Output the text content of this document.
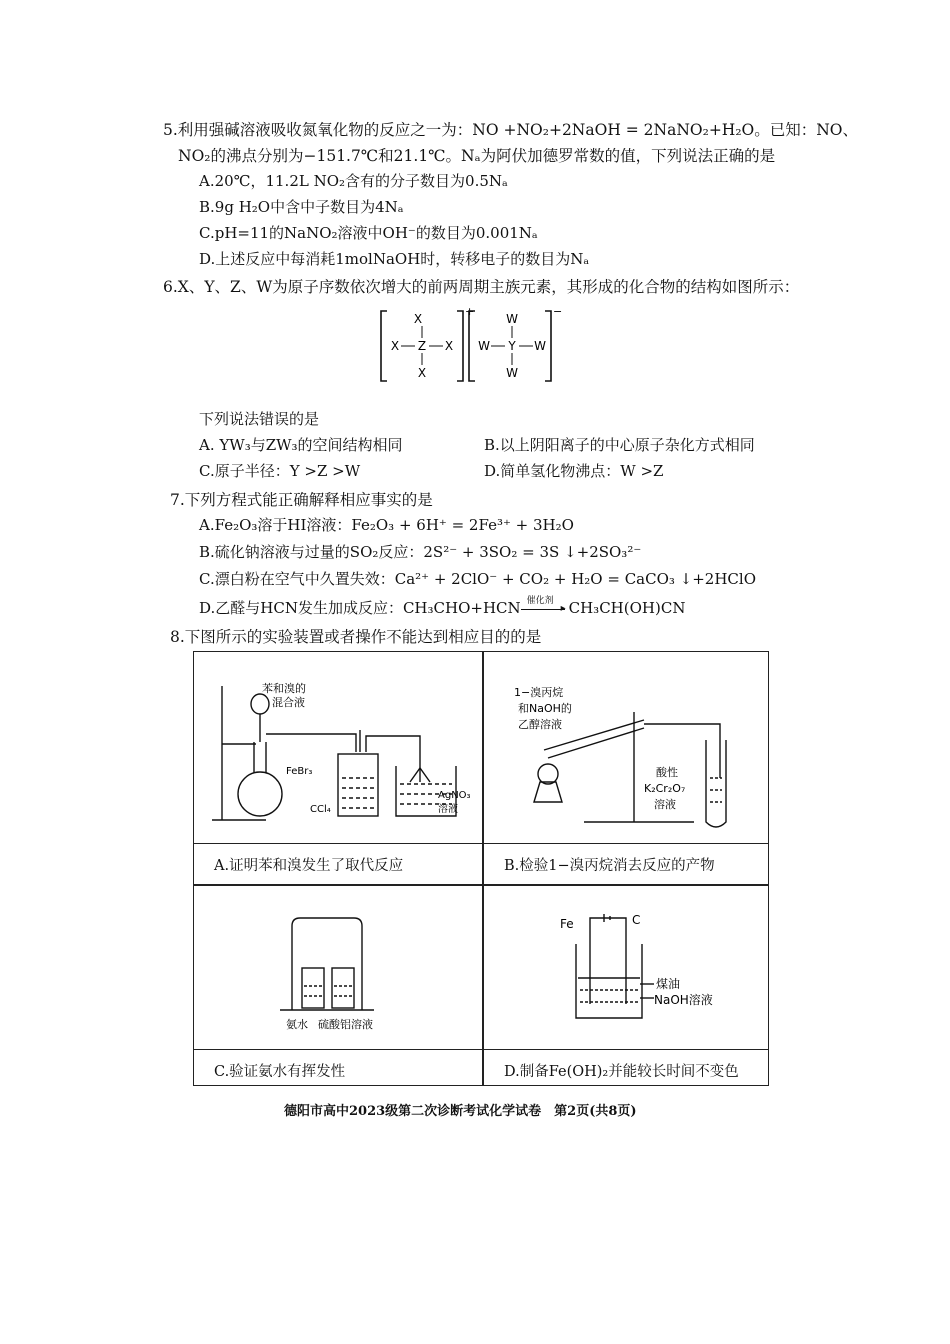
5.利用强碱溶液吸收氮氧化物的反应之一为：NO +NO₂+2NaOH = 2NaNO₂+H₂O。已知：NO、
NO₂的沸点分别为−151.7℃和21.1℃。Nₐ为阿伏加德罗常数的值，下列说法正确的是
A.20℃，11.2L NO₂含有的分子数目为0.5Nₐ
B.9g H₂O中含中子数目为4Nₐ
C.pH=11的NaNO₂溶液中OH⁻的数目为0.001Nₐ
D.上述反应中每消耗1molNaOH时，转移电子的数目为Nₐ
6.X、Y、Z、W为原子序数依次增大的前两周期主族元素，其形成的化合物的结构如图所示：
+
X
X Z X
X
−
W
W Y W
W
下列说法错误的是
A. YW₃与ZW₃的空间结构相同	B.以上阴阳离子的中心原子杂化方式相同
C.原子半径：Y >Z >W	D.简单氢化物沸点：W >Z
7.下列方程式能正确解释相应事实的是
A.Fe₂O₃溶于HI溶液：Fe₂O₃ + 6H⁺ = 2Fe³⁺ + 3H₂O
B.硫化钠溶液与过量的SO₂反应：2S²⁻ + 3SO₂ = 3S ↓+2SO₃²⁻
C.漂白粉在空气中久置失效：Ca²⁺ + 2ClO⁻ + CO₂ + H₂O = CaCO₃ ↓+2HClO
D.乙醛与HCN发生加成反应：CH₃CHO+HCN 催化剂
▸ CH₃CH(OH)CN
8.下图所示的实验装置或者操作不能达到相应目的的是
A.证明苯和溴发生了取代反应	B.检验1−溴丙烷消去反应的产物
C.验证氨水有挥发性	D.制备Fe(OH)₂并能较长时间不变色
苯和溴的
混合液
FeBr₃
CCl₄
AgNO₃
溶液
1−溴丙烷
和NaOH的
乙醇溶液
酸性
K₂Cr₂O₇
溶液
氨水 硫酸铝溶液
Fe	C
煤油
NaOH溶液
德阳市高中2023级第二次诊断考试化学试卷　第2页(共8页)
